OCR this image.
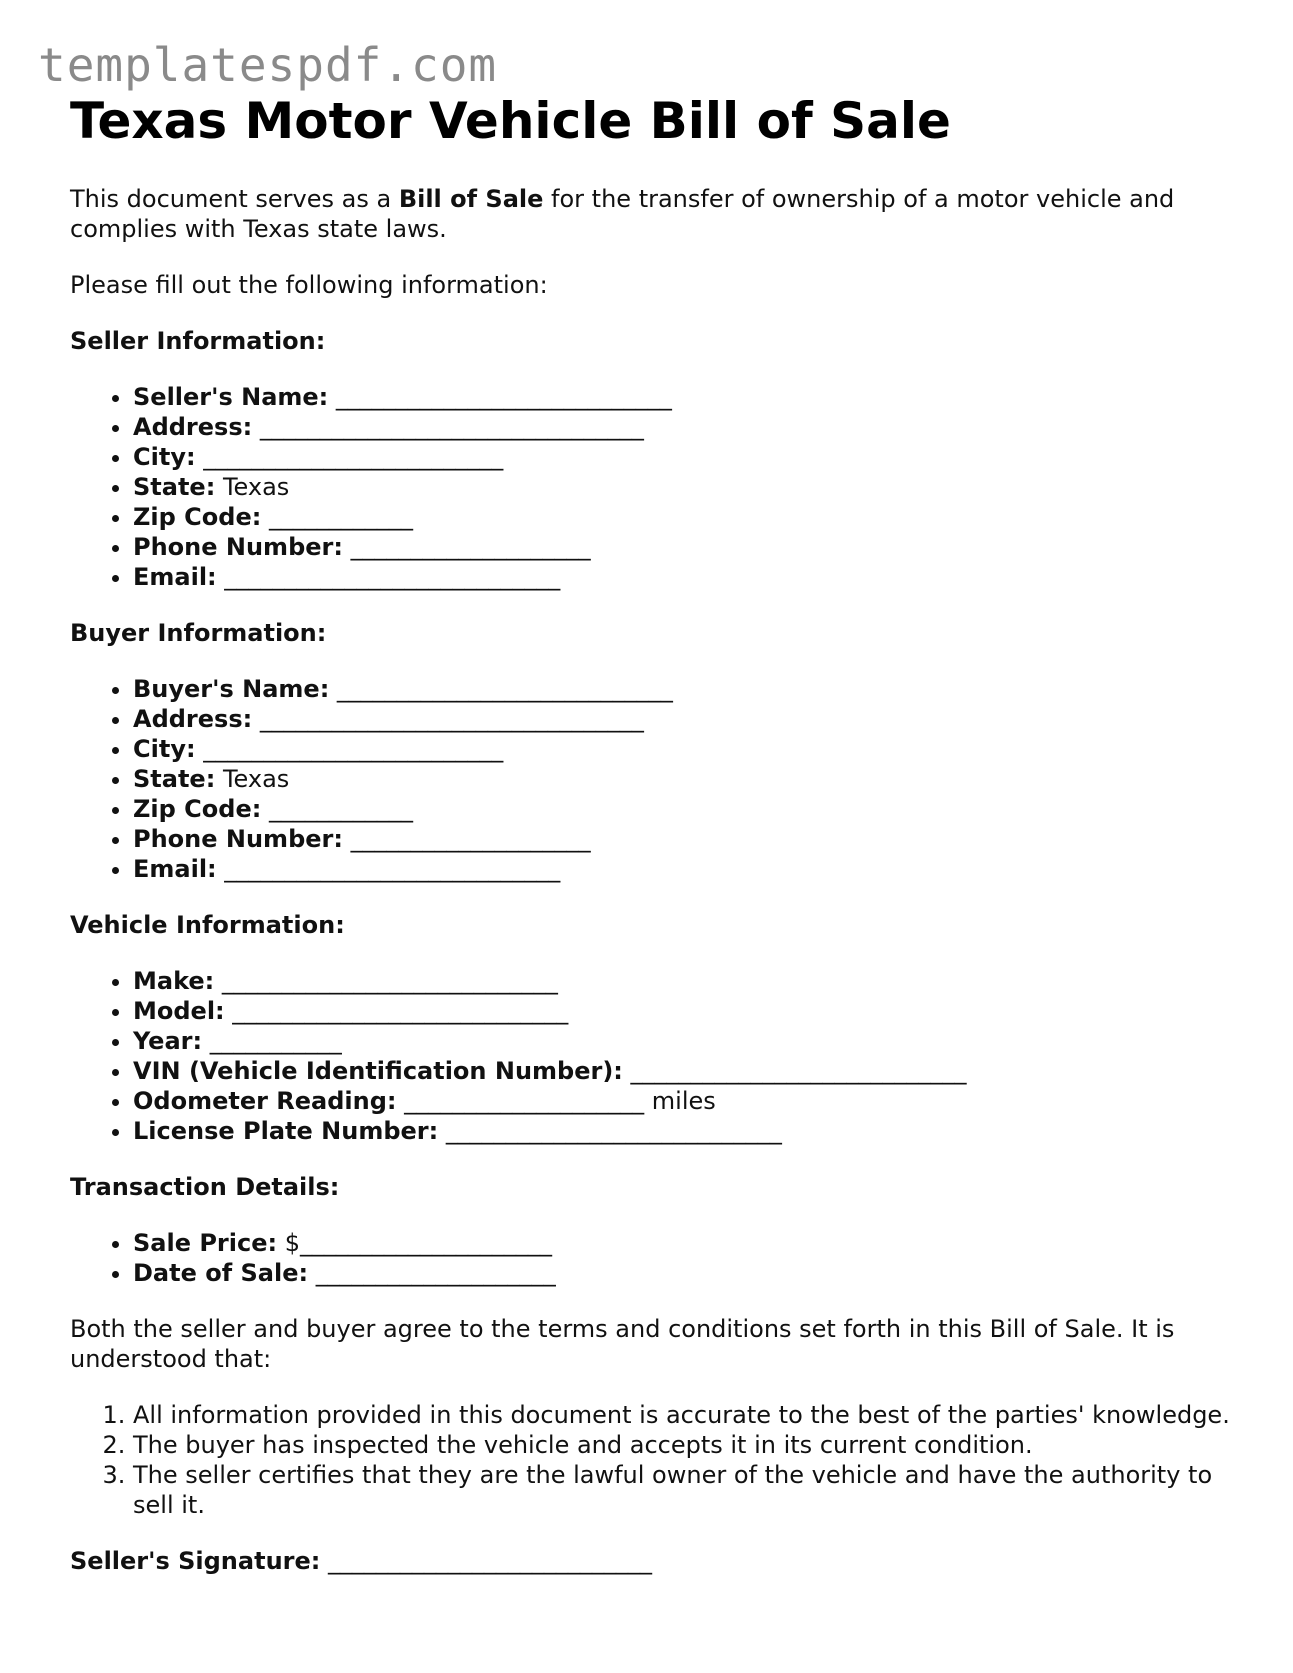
templatespdf.com
Texas Motor Vehicle Bill of Sale

This document serves as a Bill of Sale for the transfer of ownership of a motor vehicle and complies with Texas state laws.

Please fill out the following information:

Seller Information:
• Seller's Name: ____________________________
• Address: ________________________________
• City: _________________________
• State: Texas
• Zip Code: ____________
• Phone Number: ____________________
• Email: ____________________________
Buyer Information:
• Buyer's Name: ____________________________
• Address: ________________________________
• City: _________________________
• State: Texas
• Zip Code: ____________
• Phone Number: ____________________
• Email: ____________________________
Vehicle Information:
• Make: ____________________________
• Model: ____________________________
• Year: ___________
• VIN (Vehicle Identification Number): ____________________________
• Odometer Reading: ____________________ miles
• License Plate Number: ____________________________
Transaction Details:
• Sale Price: $_____________________
• Date of Sale: ____________________

Both the seller and buyer agree to the terms and conditions set forth in this Bill of Sale. It is understood that:

1. All information provided in this document is accurate to the best of the parties' knowledge.
2. The buyer has inspected the vehicle and accepts it in its current condition.
3. The seller certifies that they are the lawful owner of the vehicle and have the authority to sell it.
Seller's Signature: ___________________________
